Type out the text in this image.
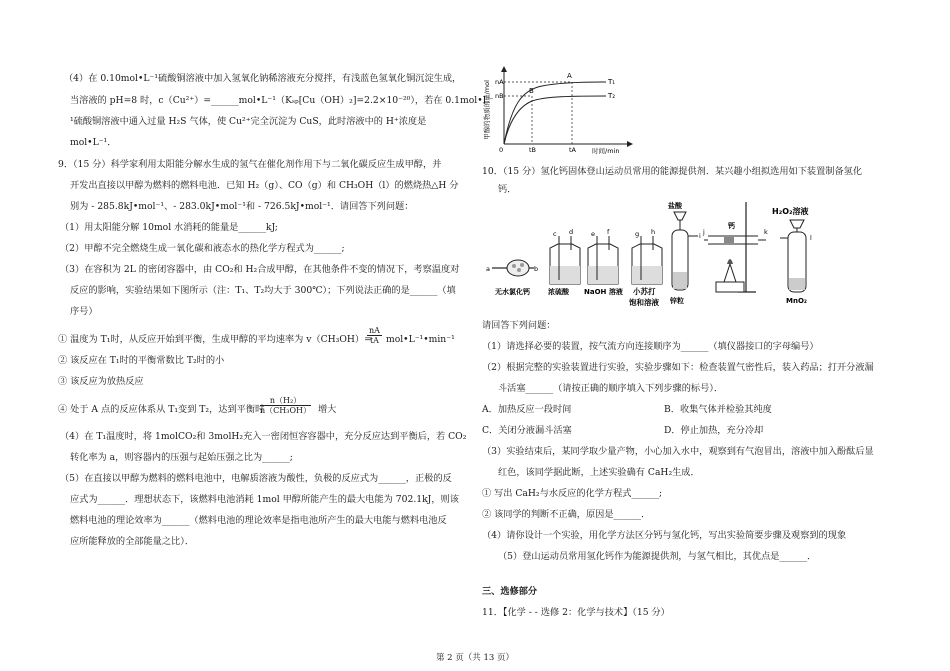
（4）在 0.10mol•L⁻¹硫酸铜溶液中加入氢氧化钠稀溶液充分搅拌，有浅蓝色氢氧化铜沉淀生成，
当溶液的 pH=8 时，c（Cu²⁺）=______mol•L⁻¹（Kₛₚ[Cu（OH）₂]=2.2×10⁻²⁰），若在 0.1mol•L⁻
¹硫酸铜溶液中通入过量 H₂S 气体，使 Cu²⁺完全沉淀为 CuS，此时溶液中的 H⁺浓度是
mol•L⁻¹．
9．（15 分）科学家利用太阳能分解水生成的氢气在催化剂作用下与二氧化碳反应生成甲醇，并
开发出直接以甲醇为燃料的燃料电池．已知 H₂（g）、CO（g）和 CH₃OH（l）的燃烧热△H 分
别为 - 285.8kJ•mol⁻¹、- 283.0kJ•mol⁻¹和 - 726.5kJ•mol⁻¹．请回答下列问题：
（1）用太阳能分解 10mol 水消耗的能量是______kJ;
（2）甲醇不完全燃烧生成一氧化碳和液态水的热化学方程式为______;
（3）在容积为 2L 的密闭容器中，由 CO₂和 H₂合成甲醇，在其他条件不变的情况下，考察温度对
反应的影响，实验结果如下图所示（注：T₁、T₂均大于 300℃）；下列说法正确的是______（填
序号）
① 温度为 T₁时，从反应开始到平衡，生成甲醇的平均速率为 v（CH₃OH）=
$\frac{nA}{tA}$ mol•L⁻¹•min⁻¹
② 该反应在 T₁时的平衡常数比 T₂时的小
③ 该反应为放热反应
④ 处于 A 点的反应体系从 T₁变到 T₂，达到平衡时
$\frac{\text{n（H₂）}}{\text{n（CH₃OH）}}$ 增大
（4）在 T₁温度时，将 1molCO₂和 3molH₂充入一密闭恒容容器中，充分反应达到平衡后，若 CO₂
转化率为 a，则容器内的压强与起始压强之比为______;
（5）在直接以甲醇为燃料的燃料电池中，电解质溶液为酸性，负极的反应式为______，正极的反
应式为______．理想状态下，该燃料电池消耗 1mol 甲醇所能产生的最大电能为 702.1kJ，则该
燃料电池的理论效率为______（燃料电池的理论效率是指电池所产生的最大电能与燃料电池反
应所能释放的全部能量之比）．
甲醇的物质的量/mol nA
nB
A
B
T₁
T₂
0	tB	tA 时间/min
10．（15 分）氢化钙固体登山运动员常用的能源提供剂．某兴趣小组拟选用如下装置制备氢化
钙．
a	b
无水氯化钙
c d
浓硫酸
e f
NaOH 溶液
g h
小苏打
饱和溶液
盐酸
i
锌粒
钙
j	k
H₂O₂溶液
l
MnO₂
请回答下列问题：
（1）请选择必要的装置，按气流方向连接顺序为______（填仪器接口的字母编号）
（2）根据完整的实验装置进行实验，实验步骤如下：检查装置气密性后，装入药品；打开分液漏
斗活塞______（请按正确的顺序填入下列步骤的标号）．
A．加热反应一段时间	B．收集气体并检验其纯度
C．关闭分液漏斗活塞	D．停止加热，充分冷却
（3）实验结束后，某同学取少量产物，小心加入水中，观察到有气泡冒出，溶液中加入酚酞后显
红色，该同学据此断，上述实验确有 CaH₂生成．
① 写出 CaH₂与水反应的化学方程式______;
② 该同学的判断不正确，原因是______．
（4）请你设计一个实验，用化学方法区分钙与氢化钙，写出实验简要步骤及观察到的现象
（5）登山运动员常用氢化钙作为能源提供剂，与氢气相比，其优点是______．
三、选修部分
11．【化学 - - 选修 2：化学与技术】（15 分）
第 2 页（共 13 页）
